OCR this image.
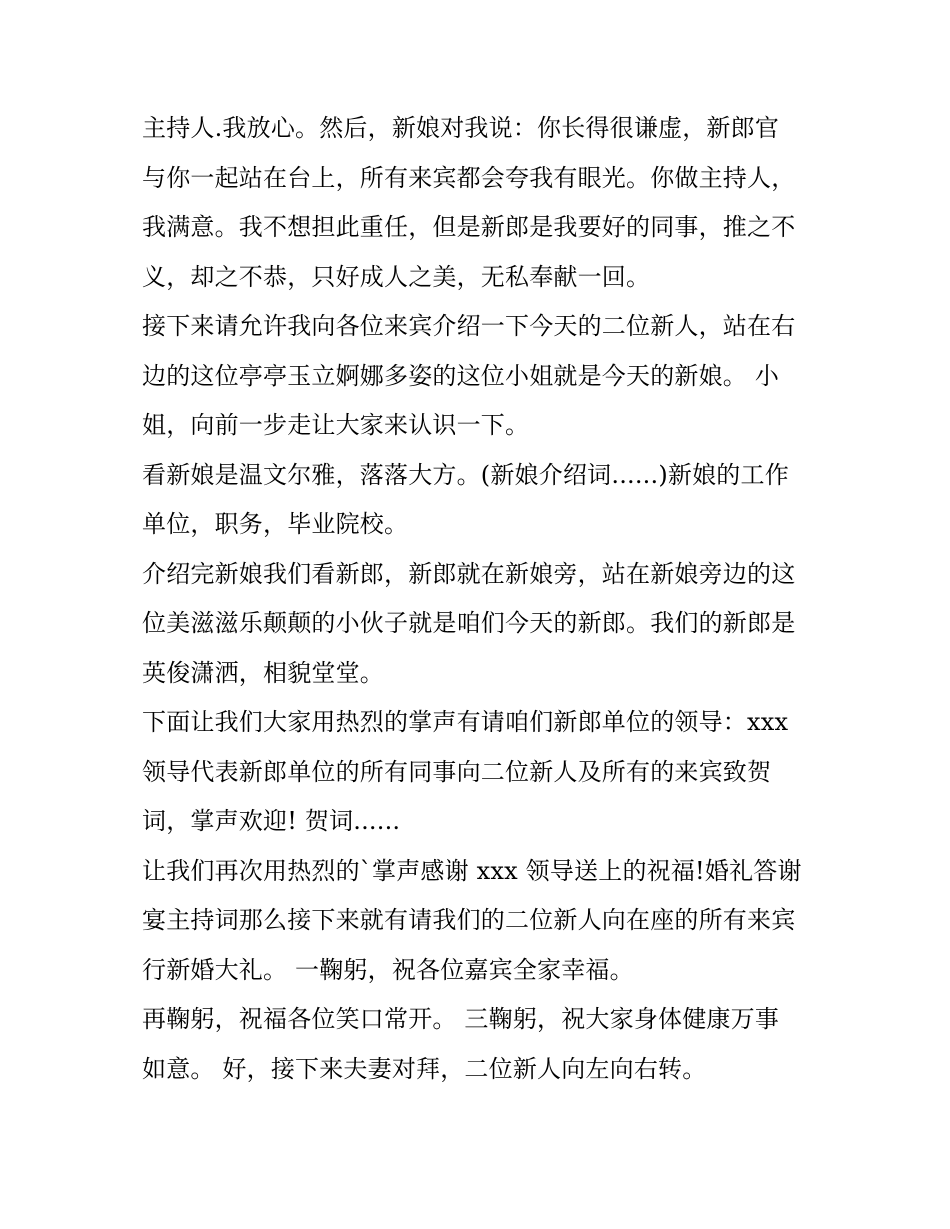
主持人.我放心。然后，新娘对我说：你长得很谦虚，新郎官
与你一起站在台上，所有来宾都会夸我有眼光。你做主持人，
我满意。我不想担此重任，但是新郎是我要好的同事，推之不
义，却之不恭，只好成人之美，无私奉献一回。
接下来请允许我向各位来宾介绍一下今天的二位新人，站在右
边的这位亭亭玉立婀娜多姿的这位小姐就是今天的新娘。 小
姐，向前一步走让大家来认识一下。
看新娘是温文尔雅，落落大方。(新娘介绍词......)新娘的工作
单位，职务，毕业院校。
介绍完新娘我们看新郎，新郎就在新娘旁，站在新娘旁边的这
位美滋滋乐颠颠的小伙子就是咱们今天的新郎。我们的新郎是
英俊潇洒，相貌堂堂。
下面让我们大家用热烈的掌声有请咱们新郎单位的领导：xxx
领导代表新郎单位的所有同事向二位新人及所有的来宾致贺
词，掌声欢迎! 贺词......
让我们再次用热烈的`掌声感谢 xxx 领导送上的祝福!婚礼答谢
宴主持词那么接下来就有请我们的二位新人向在座的所有来宾
行新婚大礼。 一鞠躬，祝各位嘉宾全家幸福。
再鞠躬，祝福各位笑口常开。 三鞠躬，祝大家身体健康万事
如意。 好，接下来夫妻对拜，二位新人向左向右转。
